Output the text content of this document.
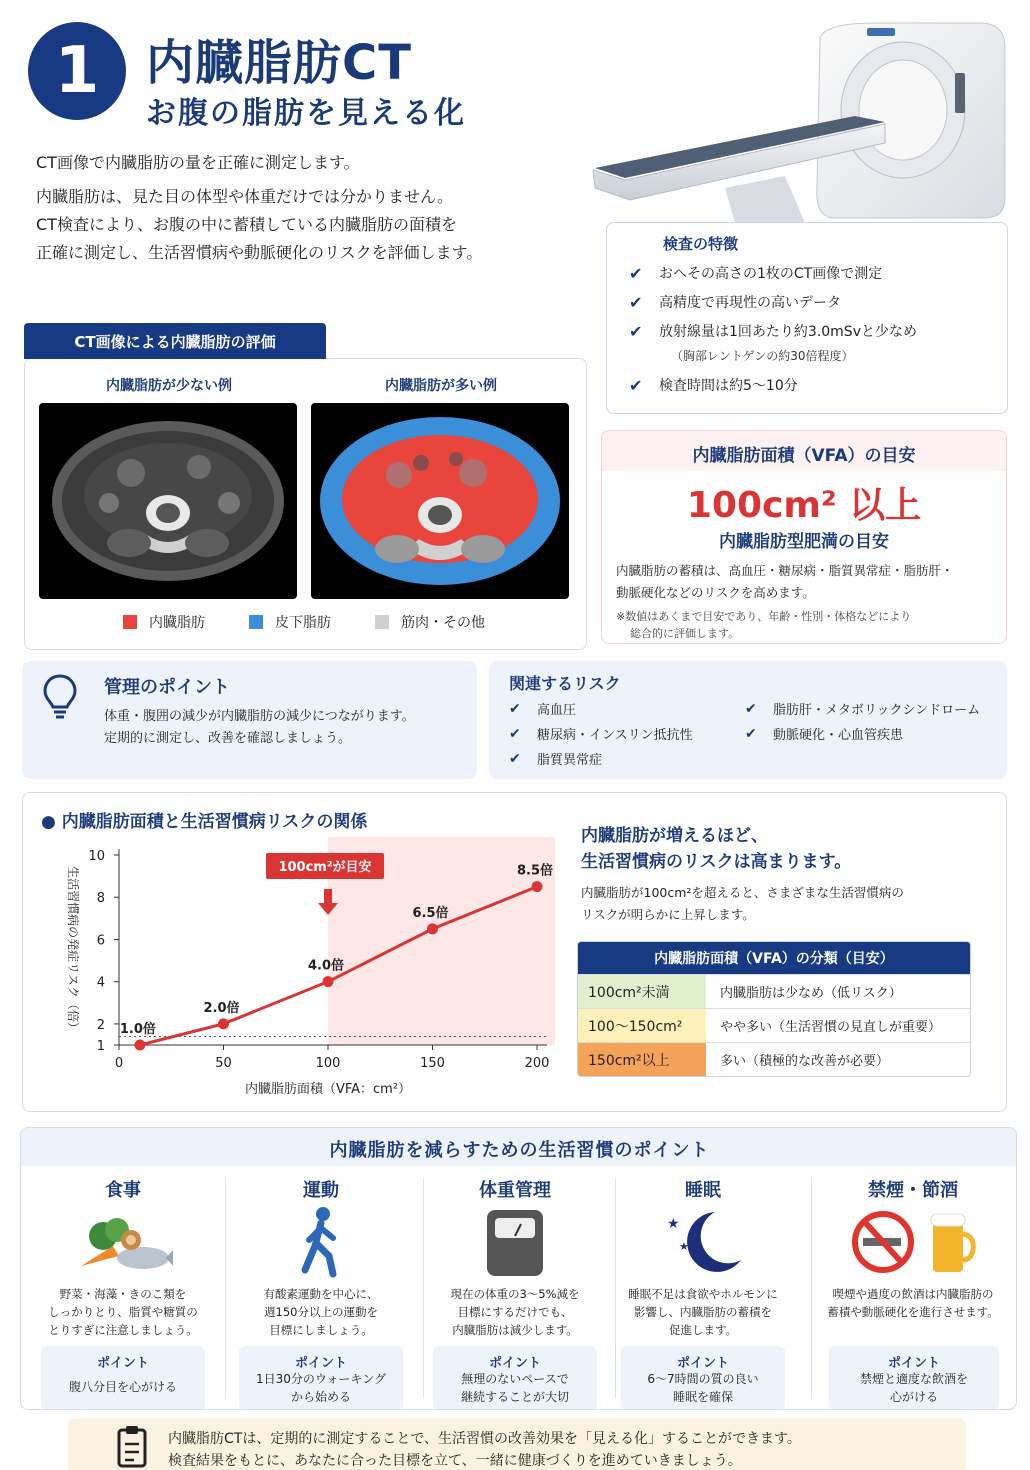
1 内臓脂肪CT
お腹の脂肪を見える化
CT画像で内臓脂肪の量を正確に測定します。
内臓脂肪は、見た目の体型や体重だけでは分かりません。
CT検査により、お腹の中に蓄積している内臓脂肪の面積を
正確に測定し、生活習慣病や動脈硬化のリスクを評価します。	検査の特徴
✔ おへその高さの1枚のCT画像で測定
✔ 高精度で再現性の高いデータ
✔ 放射線量は1回あたり約3.0mSvと少なめ
（胸部レントゲンの約30倍程度）
✔ 検査時間は約5〜10分
内臓脂肪面積（VFA）の目安
100cm² 以上
内臓脂肪型肥満の目安
内臓脂肪の蓄積は、高血圧・糖尿病・脂質異常症・脂肪肝・
動脈硬化などのリスクを高めます。
※数値はあくまで目安であり、年齢・性別・体格などにより
総合的に評価します。
内臓脂肪が少ない例	内臓脂肪が多い例
内臓脂肪	皮下脂肪	筋肉・その他
CT画像による内臓脂肪の評価
管理のポイント
体重・腹囲の減少が内臓脂肪の減少につながります。
定期的に測定し、改善を確認しましょう。
関連するリスク
✔	高血圧
✔	糖尿病・インスリン抵抗性
✔	脂質異常症
✔	脂肪肝・メタボリックシンドローム
✔	動脈硬化・心血管疾患
● 内臓脂肪面積と生活習慣病リスクの関係
1
2
4
6
8
10
0	50	100	150	200
内臓脂肪面積（VFA：cm²）
生活習慣病の発症リスク（倍）	1.0倍
2.0倍
4.0倍
6.5倍
8.5倍
100cm²が目安
内臓脂肪が増えるほど、
生活習慣病のリスクは高まります。
内臓脂肪が100cm²を超えると、さまざまな生活習慣病の
リスクが明らかに上昇します。
内臓脂肪面積（VFA）の分類（目安）
100cm²未満	内臓脂肪は少なめ（低リスク）
100〜150cm²	やや多い（生活習慣の見直しが重要）
150cm²以上	多い（積極的な改善が必要）
内臓脂肪を減らすための生活習慣のポイント
食事
野菜・海藻・きのこ類を
しっかりとり、脂質や糖質の
とりすぎに注意しましょう。
ポイント
腹八分目を心がける
運動
有酸素運動を中心に、
週150分以上の運動を
目標にしましょう。
ポイント
1日30分のウォーキング
から始める
体重管理
現在の体重の3〜5%減を
目標にするだけでも、
内臓脂肪は減少します。
ポイント
無理のないペースで
継続することが大切
睡眠
★
★
睡眠不足は食欲やホルモンに
影響し、内臓脂肪の蓄積を
促進します。
ポイント
6〜7時間の質の良い
睡眠を確保
禁煙・節酒
喫煙や過度の飲酒は内臓脂肪の
蓄積や動脈硬化を進行させます。
ポイント
禁煙と適度な飲酒を
心がける
内臓脂肪CTは、定期的に測定することで、生活習慣の改善効果を「見える化」することができます。
検査結果をもとに、あなたに合った目標を立て、一緒に健康づくりを進めていきましょう。
